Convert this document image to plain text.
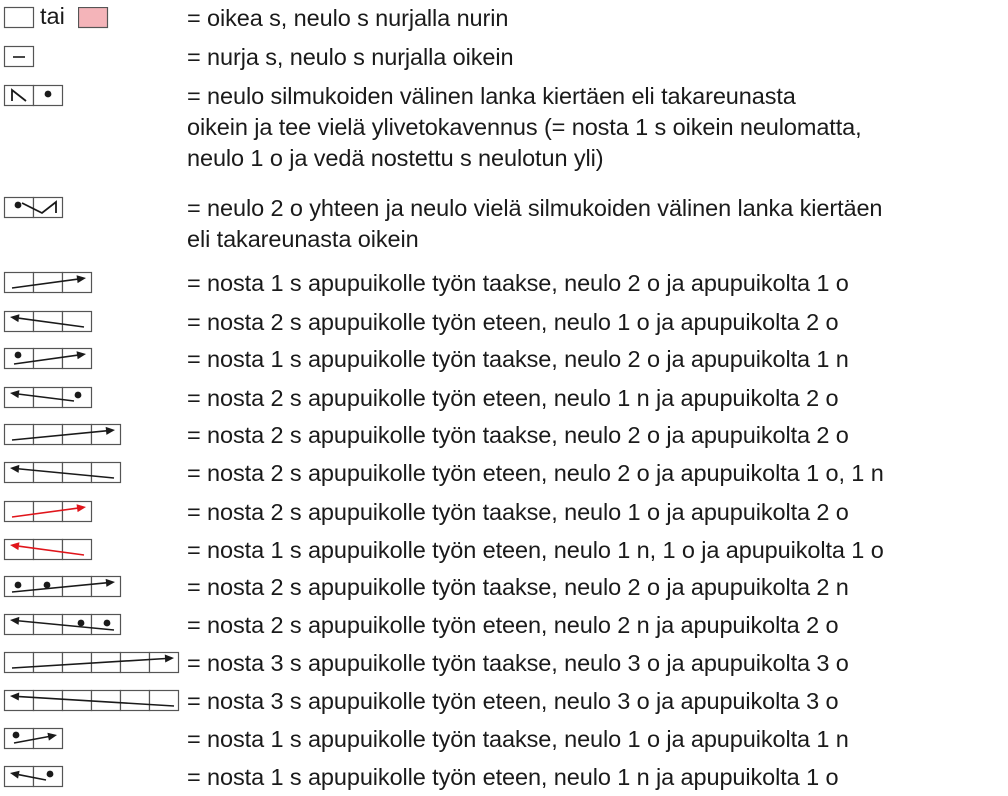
tai	= oikea s, neulo s nurjalla nurin
= nurja s, neulo s nurjalla oikein
= neulo silmukoiden välinen lanka kiertäen eli takareunasta
oikein ja tee vielä ylivetokavennus (= nosta 1 s oikein neulomatta,
neulo 1 o ja vedä nostettu s neulotun yli)
= neulo 2 o yhteen ja neulo vielä silmukoiden välinen lanka kiertäen
eli takareunasta oikein
= nosta 1 s apupuikolle työn taakse, neulo 2 o ja apupuikolta 1 o
= nosta 2 s apupuikolle työn eteen, neulo 1 o ja apupuikolta 2 o
= nosta 1 s apupuikolle työn taakse, neulo 2 o ja apupuikolta 1 n
= nosta 2 s apupuikolle työn eteen, neulo 1 n ja apupuikolta 2 o
= nosta 2 s apupuikolle työn taakse, neulo 2 o ja apupuikolta 2 o
= nosta 2 s apupuikolle työn eteen, neulo 2 o ja apupuikolta 1 o, 1 n
= nosta 2 s apupuikolle työn taakse, neulo 1 o ja apupuikolta 2 o
= nosta 1 s apupuikolle työn eteen, neulo 1 n, 1 o ja apupuikolta 1 o
= nosta 2 s apupuikolle työn taakse, neulo 2 o ja apupuikolta 2 n
= nosta 2 s apupuikolle työn eteen, neulo 2 n ja apupuikolta 2 o
= nosta 3 s apupuikolle työn taakse, neulo 3 o ja apupuikolta 3 o
= nosta 3 s apupuikolle työn eteen, neulo 3 o ja apupuikolta 3 o
= nosta 1 s apupuikolle työn taakse, neulo 1 o ja apupuikolta 1 n
= nosta 1 s apupuikolle työn eteen, neulo 1 n ja apupuikolta 1 o
